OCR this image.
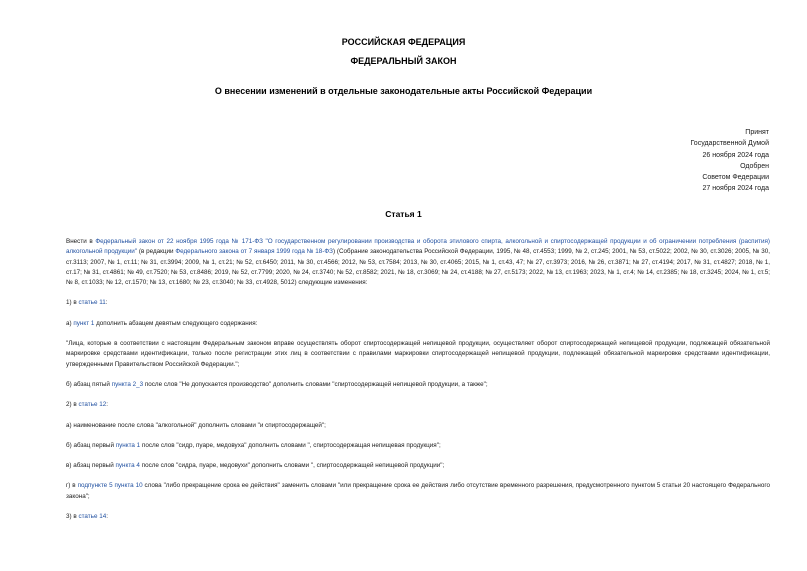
РОССИЙСКАЯ ФЕДЕРАЦИЯ
ФЕДЕРАЛЬНЫЙ ЗАКОН
О внесении изменений в отдельные законодательные акты Российской Федерации
Принят
Государственной Думой
26 ноября 2024 года
Одобрен
Советом Федерации
27 ноября 2024 года
Статья 1

Внести в Федеральный закон от 22 ноября 1995 года № 171-ФЗ "О государственном регулировании производства и оборота этилового спирта, алкогольной и спиртосодержащей продукции и об ограничении потребления (распития) алкогольной продукции" (в редакции Федерального закона от 7 января 1999 года № 18-ФЗ) (Собрание законодательства Российской Федерации, 1995, № 48, ст.4553; 1999, № 2, ст.245; 2001, № 53, ст.5022; 2002, № 30, ст.3026; 2005, № 30, ст.3113; 2007, № 1, ст.11; № 31, ст.3994; 2009, № 1, ст.21; № 52, ст.6450; 2011, № 30, ст.4566; 2012, № 53, ст.7584; 2013, № 30, ст.4065; 2015, № 1, ст.43, 47; № 27, ст.3973; 2016, № 26, ст.3871; № 27, ст.4194; 2017, № 31, ст.4827; 2018, № 1, ст.17; № 31, ст.4861; № 49, ст.7520; № 53, ст.8486; 2019, № 52, ст.7799; 2020, № 24, ст.3740; № 52, ст.8582; 2021, № 18, ст.3069; № 24, ст.4188; № 27, ст.5173; 2022, № 13, ст.1963; 2023, № 1, ст.4; № 14, ст.2385; № 18, ст.3245; 2024, № 1, ст.5; № 8, ст.1033; № 12, ст.1570; № 13, ст.1680; № 23, ст.3040; № 33, ст.4928, 5012) следующие изменения:

1) в статье 11:

а) пункт 1 дополнить абзацем девятым следующего содержания:

"Лица, которые в соответствии с настоящим Федеральным законом вправе осуществлять оборот спиртосодержащей непищевой продукции, осуществляет оборот спиртосодержащей непищевой продукции, подлежащей обязательной маркировке средствами идентификации, только после регистрации этих лиц в соответствии с правилами маркировки спиртосодержащей непищевой продукции, подлежащей обязательной маркировке средствами идентификации, утвержденными Правительством Российской Федерации.";

б) абзац пятый пункта 2_3 после слов "Не допускается производство" дополнить словами "спиртосодержащей непищевой продукции, а также";

2) в статье 12:

а) наименование после слова "алкогольной" дополнить словами "и спиртосодержащей";

б) абзац первый пункта 1 после слов "сидр, пуаре, медовуха" дополнить словами ", спиртосодержащая непищевая продукция";

в) абзац первый пункта 4 после слов "сидра, пуаре, медовухи" дополнить словами ", спиртосодержащей непищевой продукции";

г) в подпункте 5 пункта 10 слова "либо прекращение срока ее действия" заменить словами "или прекращение срока ее действия либо отсутствие временного разрешения, предусмотренного пунктом 5 статьи 20 настоящего Федерального закона";

3) в статье 14:
